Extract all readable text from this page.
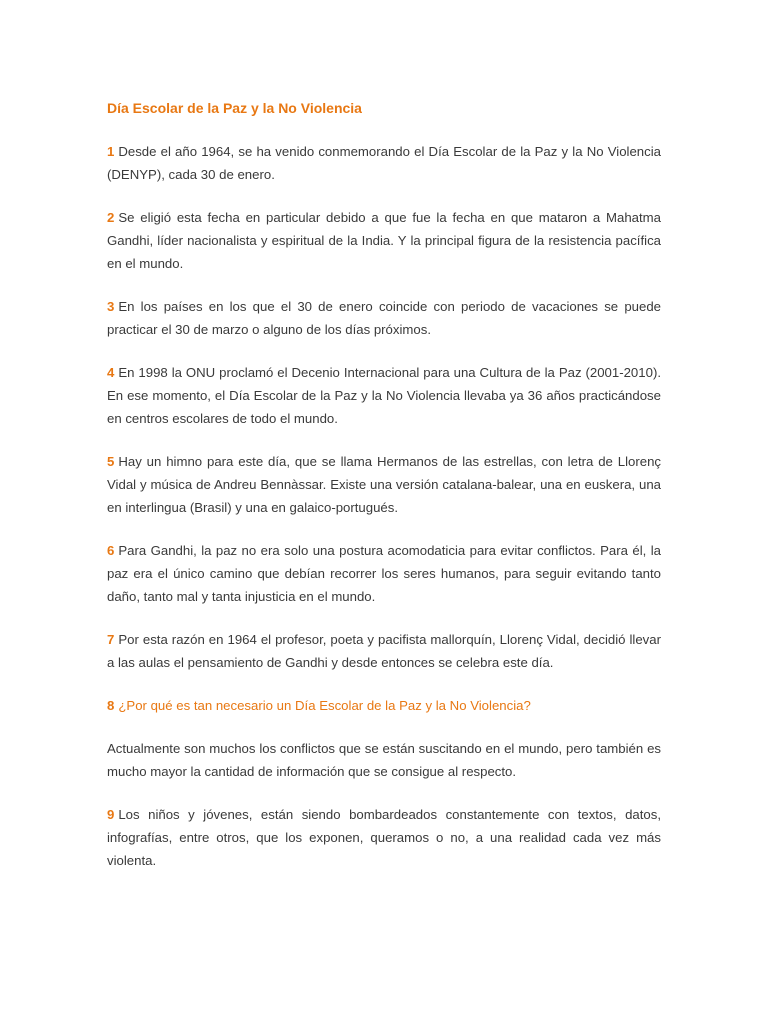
Día Escolar de la Paz y la No Violencia

1 Desde el año 1964, se ha venido conmemorando el Día Escolar de la Paz y la No Violencia (DENYP), cada 30 de enero.

2 Se eligió esta fecha en particular debido a que fue la fecha en que mataron a Mahatma Gandhi, líder nacionalista y espiritual de la India. Y la principal figura de la resistencia pacífica en el mundo.

3 En los países en los que el 30 de enero coincide con periodo de vacaciones se puede practicar el 30 de marzo o alguno de los días próximos.

4 En 1998 la ONU proclamó el Decenio Internacional para una Cultura de la Paz (2001-2010). En ese momento, el Día Escolar de la Paz y la No Violencia llevaba ya 36 años practicándose en centros escolares de todo el mundo.

5 Hay un himno para este día, que se llama Hermanos de las estrellas, con letra de Llorenç Vidal y música de Andreu Bennàssar. Existe una versión catalana-balear, una en euskera, una en interlingua (Brasil) y una en galaico-portugués.

6 Para Gandhi, la paz no era solo una postura acomodaticia para evitar conflictos. Para él, la paz era el único camino que debían recorrer los seres humanos, para seguir evitando tanto daño, tanto mal y tanta injusticia en el mundo.

7 Por esta razón en 1964 el profesor, poeta y pacifista mallorquín, Llorenç Vidal, decidió llevar a las aulas el pensamiento de Gandhi y desde entonces se celebra este día.

8 ¿Por qué es tan necesario un Día Escolar de la Paz y la No Violencia?

Actualmente son muchos los conflictos que se están suscitando en el mundo, pero también es mucho mayor la cantidad de información que se consigue al respecto.

9 Los niños y jóvenes, están siendo bombardeados constantemente con textos, datos, infografías, entre otros, que los exponen, queramos o no, a una realidad cada vez más violenta.
